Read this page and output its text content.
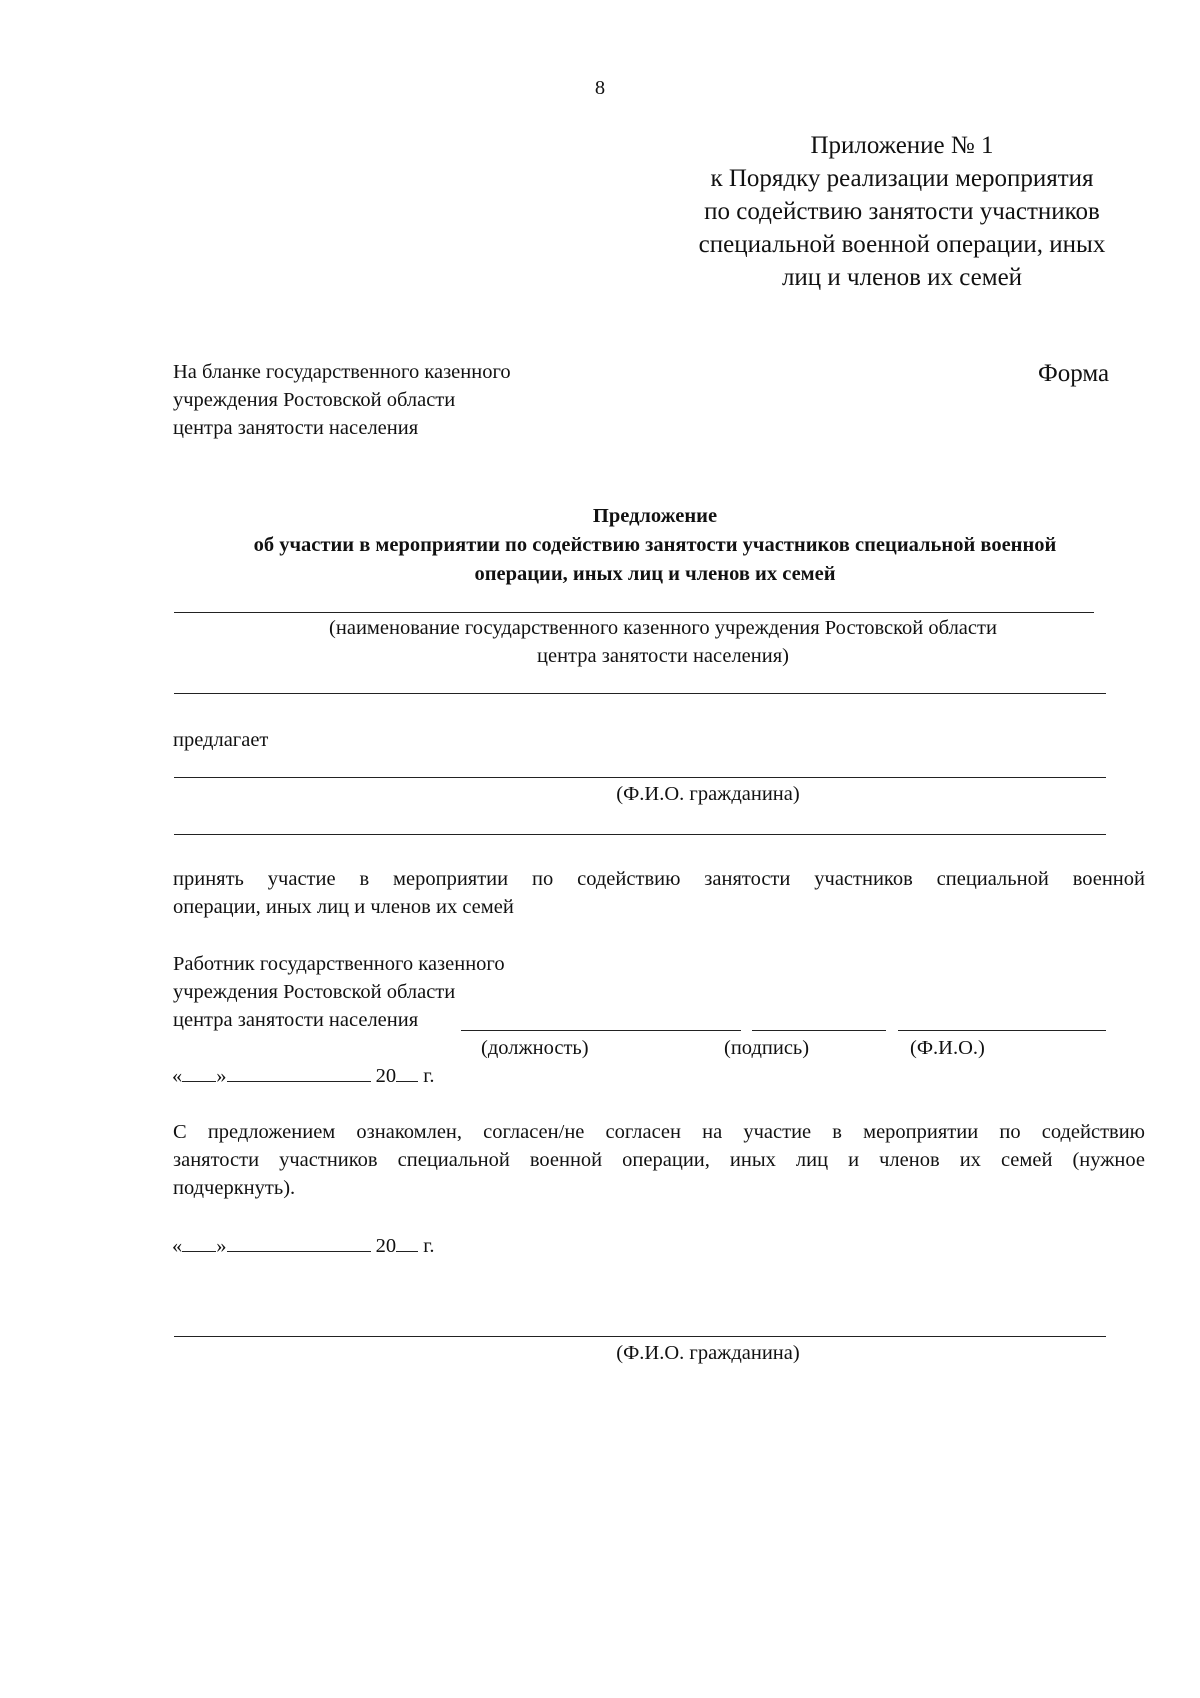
8
Приложение № 1
к Порядку реализации мероприятия
по содействию занятости участников
специальной военной операции, иных
лиц и членов их семей
На бланке государственного казенного
учреждения Ростовской области
центра занятости населения
Форма
Предложение
об участии в мероприятии по содействию занятости участников специальной военной
операции, иных лиц и членов их семей
(наименование государственного казенного учреждения Ростовской области
центра занятости населения)
предлагает
(Ф.И.О. гражданина)
принять участие в мероприятии по содействию занятости участников специальной военной
операции, иных лиц и членов их семей
Работник государственного казенного
учреждения Ростовской области
центра занятости населения
(должность)	(подпись)	(Ф.И.О.)
« »	20 г.
С предложением ознакомлен, согласен/не согласен на участие в мероприятии по содействию
занятости участников специальной военной операции, иных лиц и членов их семей (нужное
подчеркнуть).
« »	20 г.
(Ф.И.О. гражданина)
